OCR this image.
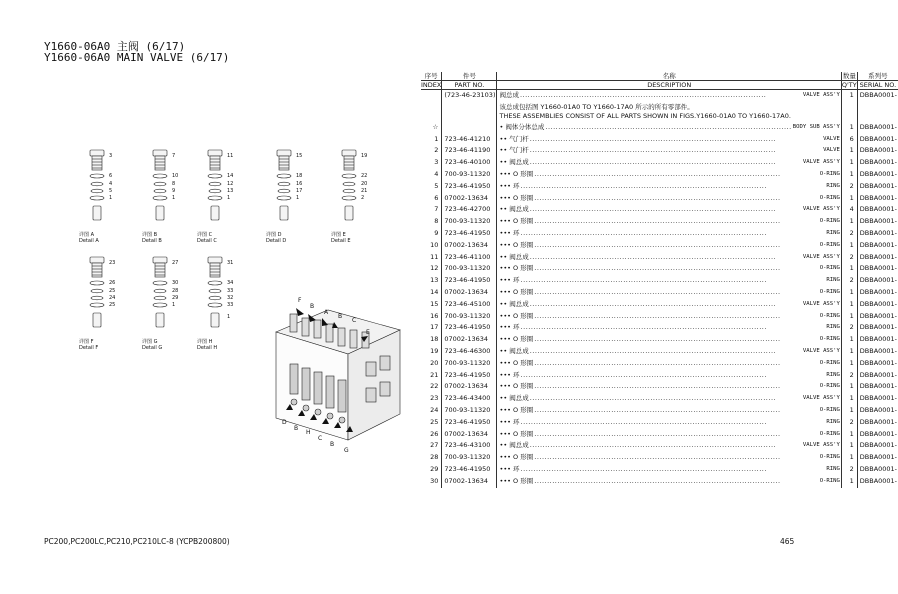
Y1660-06A0 主阀 (6/17)
Y1660-06A0 MAIN VALVE (6/17)
3
6
4
5
1
详图 A
Detail A
7
10
8
9
1
详图 B
Detail B
11
14
12
13
1
详图 C
Detail C
15
18
16
17
1
详图 D
Detail D
19
22
20
21
2
详图 E
Detail E
23
26
25
24
25
详图 F
Detail F
27
30
28
29
1
详图 G
Detail G
31
34
33
32
33
1
详图 H
Detail H
F
B
A
B
C
E
D
B
H
C
B
G
序号	件号	名称	数量	系列号
INDEX	PART NO.	DESCRIPTION	Q'TY	SERIAL NO.
	(723-46-23103)	阀总成 ..... VALVE ASS'Y	1	DBBA0001-

		该总成包括图 Y1660-01A0 TO Y1660-17A0 所示的所有零部件。
THESE ASSEMBLIES CONSIST OF ALL PARTS SHOWN IN FIGS.Y1660-01A0 TO Y1660-17A0.		

☆		• 阀体分体总成 ..... BODY SUB ASS'Y	1	DBBA0001-
1	723-46-41210	•• 气门杆 ..... VALVE	6	DBBA0001-
2	723-46-41190	•• 气门杆 ..... VALVE	1	DBBA0001-
3	723-46-40100	•• 阀总成 ..... VALVE ASS'Y	1	DBBA0001-
4	700-93-11320	••• O 形圈 ..... O-RING	1	DBBA0001-
5	723-46-41950	••• 环 ..... RING	2	DBBA0001-
6	07002-13634	••• O 形圈 ..... O-RING	1	DBBA0001-
7	723-46-42700	•• 阀总成 ..... VALVE ASS'Y	4	DBBA0001-
8	700-93-11320	••• O 形圈 ..... O-RING	1	DBBA0001-
9	723-46-41950	••• 环 ..... RING	2	DBBA0001-
10	07002-13634	••• O 形圈 ..... O-RING	1	DBBA0001-
11	723-46-41100	•• 阀总成 ..... VALVE ASS'Y	2	DBBA0001-
12	700-93-11320	••• O 形圈 ..... O-RING	1	DBBA0001-
13	723-46-41950	••• 环 ..... RING	2	DBBA0001-
14	07002-13634	••• O 形圈 ..... O-RING	1	DBBA0001-
15	723-46-45100	•• 阀总成 ..... VALVE ASS'Y	1	DBBA0001-
16	700-93-11320	••• O 形圈 ..... O-RING	1	DBBA0001-
17	723-46-41950	••• 环 ..... RING	2	DBBA0001-
18	07002-13634	••• O 形圈 ..... O-RING	1	DBBA0001-
19	723-46-46300	•• 阀总成 ..... VALVE ASS'Y	1	DBBA0001-
20	700-93-11320	••• O 形圈 ..... O-RING	1	DBBA0001-
21	723-46-41950	••• 环 ..... RING	2	DBBA0001-
22	07002-13634	••• O 形圈 ..... O-RING	1	DBBA0001-
23	723-46-43400	•• 阀总成 ..... VALVE ASS'Y	1	DBBA0001-
24	700-93-11320	••• O 形圈 ..... O-RING	1	DBBA0001-
25	723-46-41950	••• 环 ..... RING	2	DBBA0001-
26	07002-13634	••• O 形圈 ..... O-RING	1	DBBA0001-
27	723-46-43100	•• 阀总成 ..... VALVE ASS'Y	1	DBBA0001-
28	700-93-11320	••• O 形圈 ..... O-RING	1	DBBA0001-
29	723-46-41950	••• 环 ..... RING	2	DBBA0001-
30	07002-13634	••• O 形圈 ..... O-RING	1	DBBA0001-
PC200,PC200LC,PC210,PC210LC-8 (YCPB200800)	465
